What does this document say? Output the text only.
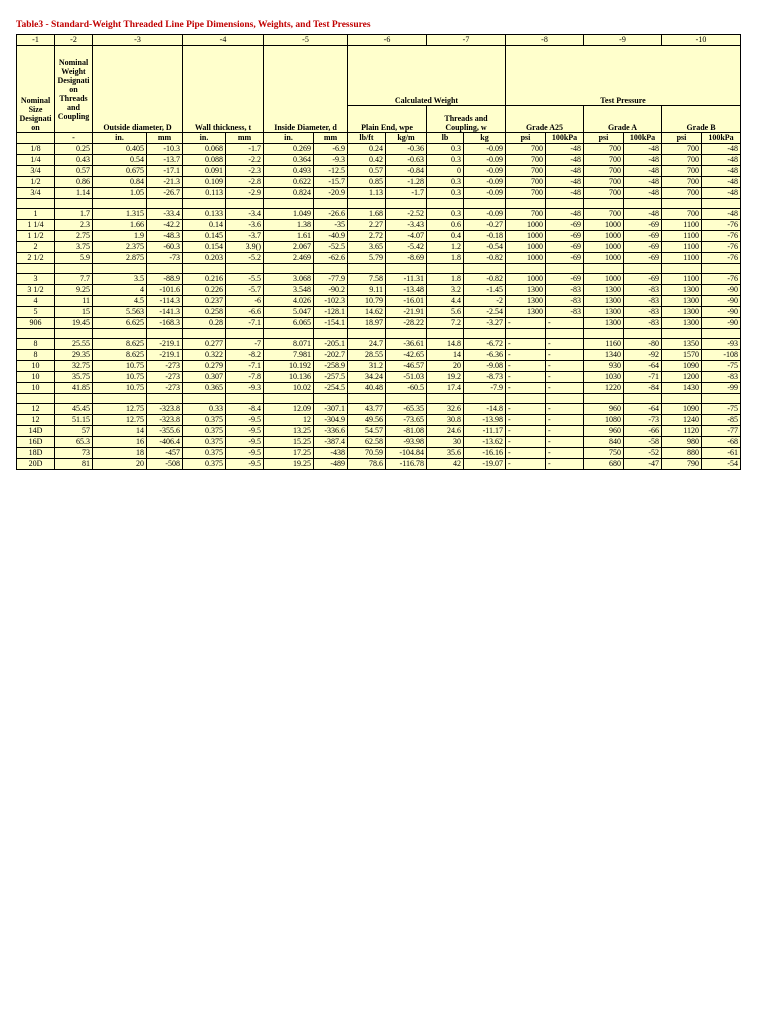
Table3 - Standard-Weight Threaded Line Pipe Dimensions, Weights, and Test Pressures
-1	-2	-3		-4		-5		-6		-7		-8		-9		-10	
Nominal Size Designati on	Nominal Weight Designati on Threads and Coupling	Outside diameter, D		Wall thickness, t		Inside Diameter, d		Calculated Weight				Test Pressure					
								Plain End, wpe		Threads and Coupling, w		Grade A25		Grade A		Grade B	
	-	in.	mm	in.	mm	in.	mm	lb/ft	kg/m	lb	kg	psi	100kPa	psi	100kPa	psi	100kPa
1/8	0.25	0.405	-10.3	0.068	-1.7	0.269	-6.9	0.24	-0.36	0.3	-0.09	700	-48	700	-48	700	-48
1/4	0.43	0.54	-13.7	0.088	-2.2	0.364	-9.3	0.42	-0.63	0.3	-0.09	700	-48	700	-48	700	-48
3/4	0.57	0.675	-17.1	0.091	-2.3	0.493	-12.5	0.57	-0.84	0	-0.09	700	-48	700	-48	700	-48
1/2	0.86	0.84	-21.3	0.109	-2.8	0.622	-15.7	0.85	-1.28	0.3	-0.09	700	-48	700	-48	700	-48
3/4	1.14	1.05	-26.7	0.113	-2.9	0.824	-20.9	1.13	-1.7	0.3	-0.09	700	-48	700	-48	700	-48

1	1.7	1.315	-33.4	0.133	-3.4	1.049	-26.6	1.68	-2.52	0.3	-0.09	700	-48	700	-48	700	-48
1 1/4	2.3	1.66	-42.2	0.14	-3.6	1.38	-35	2.27	-3.43	0.6	-0.27	1000	-69	1000	-69	1100	-76
1 1/2	2.75	1.9	-48.3	0.145	-3.7	1.61	-40.9	2.72	-4.07	0.4	-0.18	1000	-69	1000	-69	1100	-76
2	3.75	2.375	-60.3	0.154	3.9()	2.067	-52.5	3.65	-5.42	1.2	-0.54	1000	-69	1000	-69	1100	-76
2 1/2	5.9	2.875	-73	0.203	-5.2	2.469	-62.6	5.79	-8.69	1.8	-0.82	1000	-69	1000	-69	1100	-76

3	7.7	3.5	-88.9	0.216	-5.5	3.068	-77.9	7.58	-11.31	1.8	-0.82	1000	-69	1000	-69	1100	-76
3 1/2	9.25	4	-101.6	0.226	-5.7	3.548	-90.2	9.11	-13.48	3.2	-1.45	1300	-83	1300	-83	1300	-90
4	11	4.5	-114.3	0.237	-6	4.026	-102.3	10.79	-16.01	4.4	-2	1300	-83	1300	-83	1300	-90
5	15	5.563	-141.3	0.258	-6.6	5.047	-128.1	14.62	-21.91	5.6	-2.54	1300	-83	1300	-83	1300	-90
906	19.45	6.625	-168.3	0.28	-7.1	6.065	-154.1	18.97	-28.22	7.2	-3.27	-	-	1300	-83	1300	-90

8	25.55	8.625	-219.1	0.277	-7	8.071	-205.1	24.7	-36.61	14.8	-6.72	-	-	1160	-80	1350	-93
8	29.35	8.625	-219.1	0.322	-8.2	7.981	-202.7	28.55	-42.65	14	-6.36	-	-	1340	-92	1570	-108
10	32.75	10.75	-273	0.279	-7.1	10.192	-258.9	31.2	-46.57	20	-9.08	-	-	930	-64	1090	-75
10	35.75	10.75	-273	0.307	-7.8	10.136	-257.5	34.24	-51.03	19.2	-8.73	-	-	1030	-71	1200	-83
10	41.85	10.75	-273	0.365	-9.3	10.02	-254.5	40.48	-60.5	17.4	-7.9	-	-	1220	-84	1430	-99

12	45.45	12.75	-323.8	0.33	-8.4	12.09	-307.1	43.77	-65.35	32.6	-14.8	-	-	960	-64	1090	-75
12	51.15	12.75	-323.8	0.375	-9.5	12	-304.9	49.56	-73.65	30.8	-13.98	-	-	1080	-73	1240	-85
14D	57	14	-355.6	0.375	-9.5	13.25	-336.6	54.57	-81.08	24.6	-11.17	-	-	960	-66	1120	-77
16D	65.3	16	-406.4	0.375	-9.5	15.25	-387.4	62.58	-93.98	30	-13.62	-	-	840	-58	980	-68
18D	73	18	-457	0.375	-9.5	17.25	-438	70.59	-104.84	35.6	-16.16	-	-	750	-52	880	-61
20D	81	20	-508	0.375	-9.5	19.25	-489	78.6	-116.78	42	-19.07	-	-	680	-47	790	-54
